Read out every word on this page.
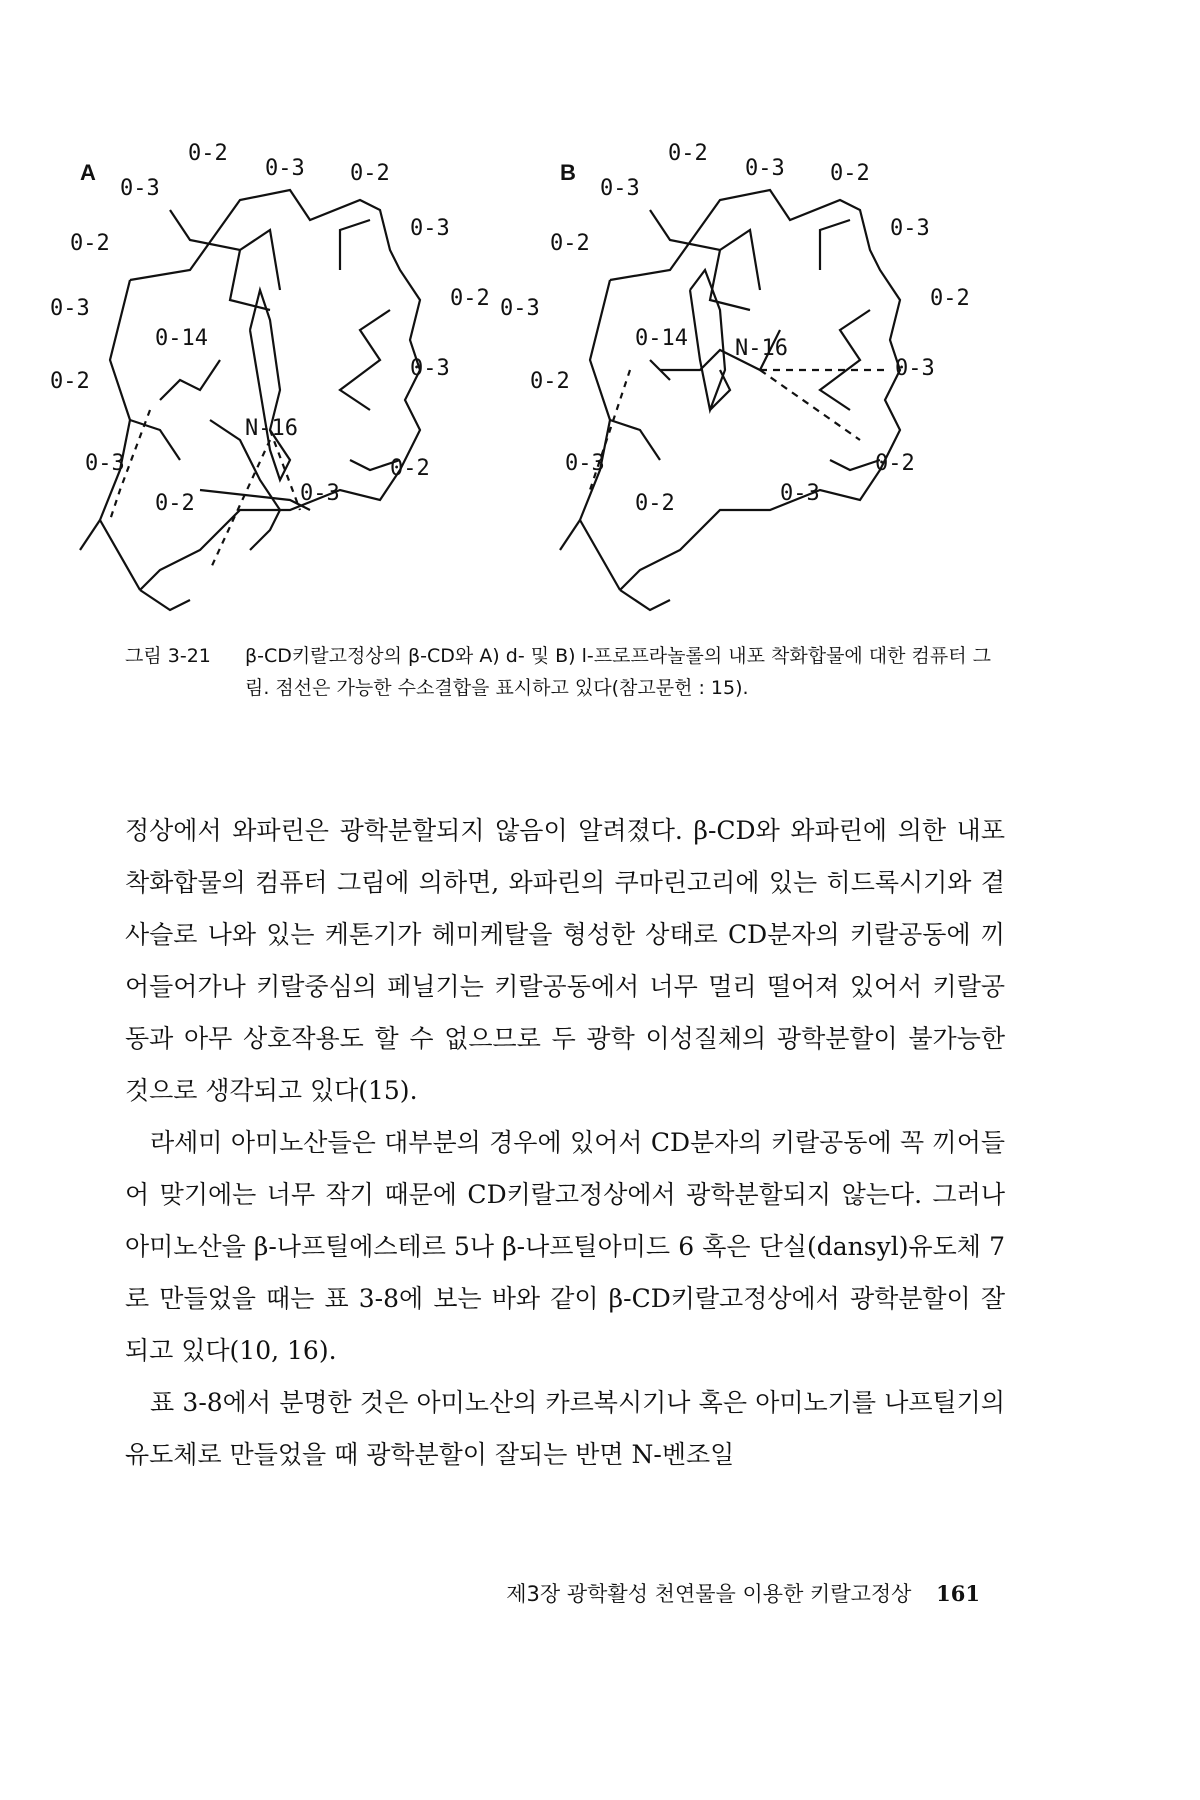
A
0-2
0-3
0-2
0-3 0-2
0-3
0-2
0-3
0-2
0-14
0-2
0-3
N-16
0-3
0-2	0-3
B
0-2
0-3
0-2
0-3 0-2
0-3
0-2
0-3
0-2
0-14 N-16
0-2
0-3
0-3
0-2	0-3
그림 3-21	β-CD키랄고정상의 β-CD와 A) d- 및 B) l-프로프라놀롤의 내포 착화합물에 대한 컴퓨터 그림. 점선은 가능한 수소결합을 표시하고 있다(참고문헌 : 15).

정상에서 와파린은 광학분할되지 않음이 알려졌다. β-CD와 와파린에 의한 내포 착화합물의 컴퓨터 그림에 의하면, 와파린의 쿠마린고리에 있는 히드록시기와 곁사슬로 나와 있는 케톤기가 헤미케탈을 형성한 상태로 CD분자의 키랄공동에 끼어들어가나 키랄중심의 페닐기는 키랄공동에서 너무 멀리 떨어져 있어서 키랄공동과 아무 상호작용도 할 수 없으므로 두 광학 이성질체의 광학분할이 불가능한 것으로 생각되고 있다(15).

라세미 아미노산들은 대부분의 경우에 있어서 CD분자의 키랄공동에 꼭 끼어들어 맞기에는 너무 작기 때문에 CD키랄고정상에서 광학분할되지 않는다. 그러나 아미노산을 β-나프틸에스테르 5나 β-나프틸아미드 6 혹은 단실(dansyl)유도체 7로 만들었을 때는 표 3-8에 보는 바와 같이 β-CD키랄고정상에서 광학분할이 잘되고 있다(10, 16).

표 3-8에서 분명한 것은 아미노산의 카르복시기나 혹은 아미노기를 나프틸기의 유도체로 만들었을 때 광학분할이 잘되는 반면 N-벤조일

제3장 광학활성 천연물을 이용한 키랄고정상 161
